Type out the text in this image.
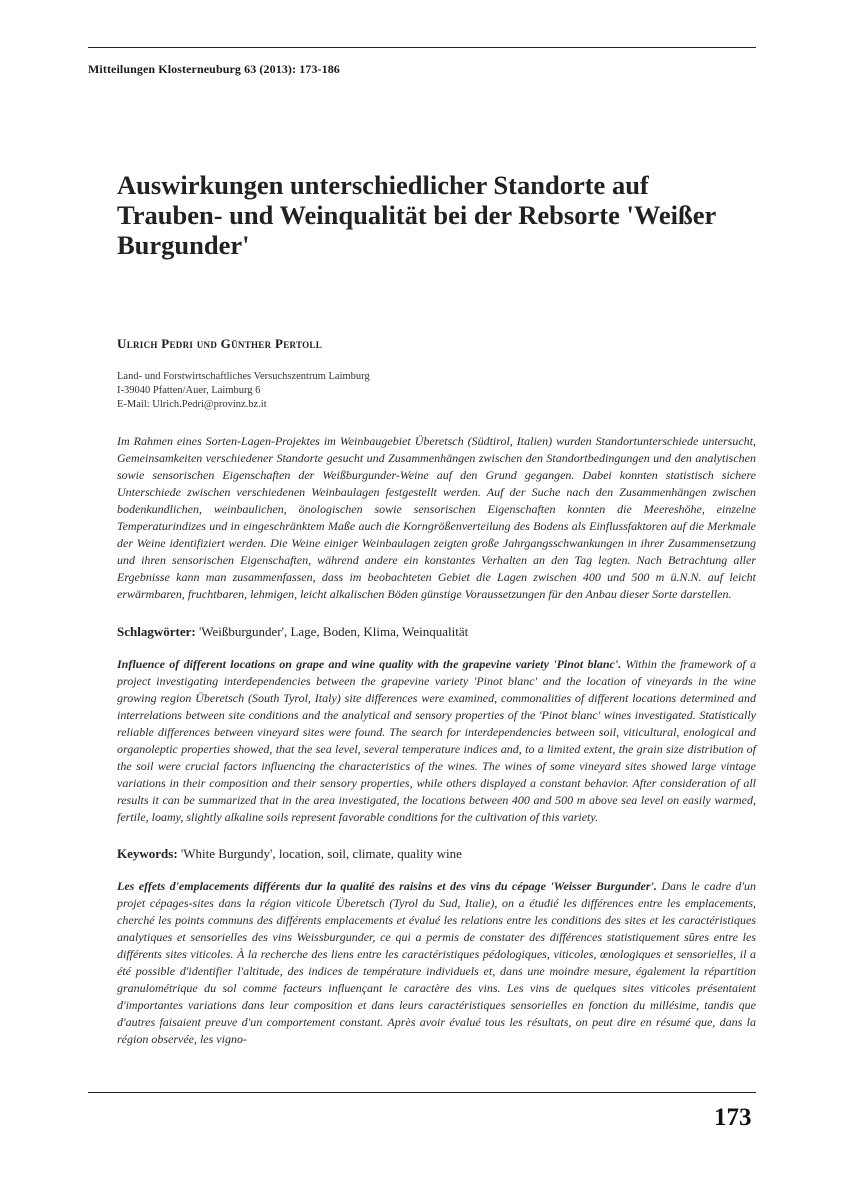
Mitteilungen Klosterneuburg 63 (2013): 173-186
Auswirkungen unterschiedlicher Standorte auf Trauben- und Weinqualität bei der Rebsorte 'Weißer Burgunder'
Ulrich Pedri und Günther Pertoll
Land- und Forstwirtschaftliches Versuchszentrum Laimburg
I-39040 Pfatten/Auer, Laimburg 6
E-Mail: Ulrich.Pedri@provinz.bz.it

Im Rahmen eines Sorten-Lagen-Projektes im Weinbaugebiet Überetsch (Südtirol, Italien) wurden Standortunterschiede untersucht, Gemeinsamkeiten verschiedener Standorte gesucht und Zusammenhängen zwischen den Standortbedingungen und den analytischen sowie sensorischen Eigenschaften der Weißburgunder-Weine auf den Grund gegangen. Dabei konnten statistisch sichere Unterschiede zwischen verschiedenen Weinbaulagen festgestellt werden. Auf der Suche nach den Zusammenhängen zwischen bodenkundlichen, weinbaulichen, önologischen sowie sensorischen Eigenschaften konnten die Meereshöhe, einzelne Temperaturindizes und in eingeschränktem Maße auch die Korngrößenverteilung des Bodens als Einflussfaktoren auf die Merkmale der Weine identifiziert werden. Die Weine einiger Weinbaulagen zeigten große Jahrgangsschwankungen in ihrer Zusammensetzung und ihren sensorischen Eigenschaften, während andere ein konstantes Verhalten an den Tag legten. Nach Betrachtung aller Ergebnisse kann man zusammenfassen, dass im beobachteten Gebiet die Lagen zwischen 400 und 500 m ü.N.N. auf leicht erwärmbaren, fruchtbaren, lehmigen, leicht alkalischen Böden günstige Voraussetzungen für den Anbau dieser Sorte darstellen.

Schlagwörter: 'Weißburgunder', Lage, Boden, Klima, Weinqualität

Influence of different locations on grape and wine quality with the grapevine variety 'Pinot blanc'. Within the framework of a project investigating interdependencies between the grapevine variety 'Pinot blanc' and the location of vineyards in the wine growing region Überetsch (South Tyrol, Italy) site differences were examined, commonalities of different locations determined and interrelations between site conditions and the analytical and sensory properties of the 'Pinot blanc' wines investigated. Statistically reliable differences between vineyard sites were found. The search for interdependencies between soil, viticultural, enological and organoleptic properties showed, that the sea level, several temperature indices and, to a limited extent, the grain size distribution of the soil were crucial factors influencing the characteristics of the wines. The wines of some vineyard sites showed large vintage variations in their composition and their sensory properties, while others displayed a constant behavior. After consideration of all results it can be summarized that in the area investigated, the locations between 400 and 500 m above sea level on easily warmed, fertile, loamy, slightly alkaline soils represent favorable conditions for the cultivation of this variety.

Keywords: 'White Burgundy', location, soil, climate, quality wine

Les effets d'emplacements différents dur la qualité des raisins et des vins du cépage 'Weisser Burgunder'. Dans le cadre d'un projet cépages-sites dans la région viticole Überetsch (Tyrol du Sud, Italie), on a étudié les différences entre les emplacements, cherché les points communs des différents emplacements et évalué les relations entre les conditions des sites et les caractéristiques analytiques et sensorielles des vins Weissburgunder, ce qui a permis de constater des différences statistiquement sûres entre les différents sites viticoles. À la recherche des liens entre les caractéristiques pédologiques, viticoles, œnologiques et sensorielles, il a été possible d'identifier l'altitude, des indices de température individuels et, dans une moindre mesure, également la répartition granulométrique du sol comme facteurs influençant le caractère des vins. Les vins de quelques sites viticoles présentaient d'importantes variations dans leur composition et dans leurs caractéristiques sensorielles en fonction du millésime, tandis que d'autres faisaient preuve d'un comportement constant. Après avoir évalué tous les résultats, on peut dire en résumé que, dans la région observée, les vigno-

173
